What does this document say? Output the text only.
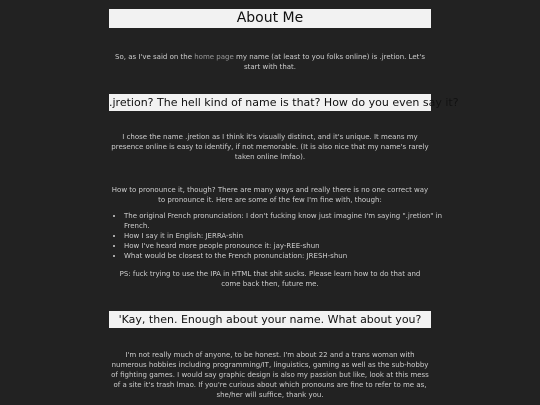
About Me

So, as I've said on the home page my name (at least to you folks online) is .jretion. Let's start with that.

.jretion? The hell kind of name is that? How do you even say it?

I chose the name .jretion as I think it's visually distinct, and it's unique. It means my presence online is easy to identify, if not memorable. (It is also nice that my name's rarely taken online lmfao).

How to pronounce it, though? There are many ways and really there is no one correct way to pronounce it. Here are some of the few I'm fine with, though:

• The original French pronunciation: I don't fucking know just imagine I'm saying ".jretion" in French.
• How I say it in English: JERRA-shin
• How I've heard more people pronounce it: jay-REE-shun
• What would be closest to the French pronunciation: JRESH-shun

PS: fuck trying to use the IPA in HTML that shit sucks. Please learn how to do that and come back then, future me.

'Kay, then. Enough about your name. What about you?

I'm not really much of anyone, to be honest. I'm about 22 and a trans woman with numerous hobbies including programming/IT, linguistics, gaming as well as the sub-hobby of fighting games. I would say graphic design is also my passion but like, look at this mess of a site it's trash lmao. If you're curious about which pronouns are fine to refer to me as, she/her will suffice, thank you.
